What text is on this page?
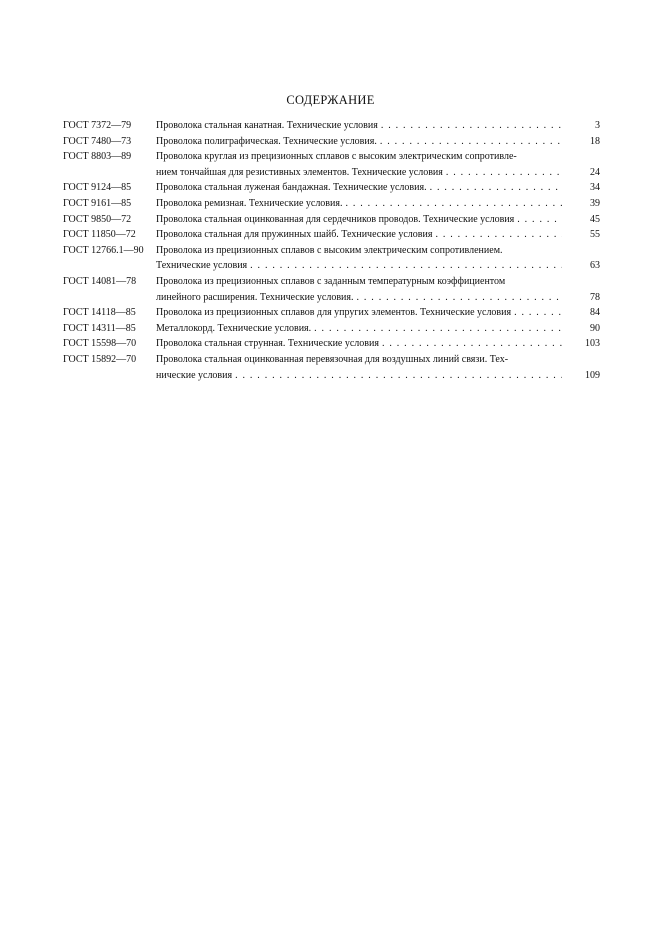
СОДЕРЖАНИЕ
ГОСТ 7372—79	Проволока стальная канатная. Технические условия . . .	3
ГОСТ 7480—73	Проволока полиграфическая. Технические условия. . . .	18
ГОСТ 8803—89	Проволока круглая из прецизионных сплавов с высоким электрическим сопротивле-
нием тончайшая для резистивных элементов. Технические условия . . .	24
ГОСТ 9124—85	Проволока стальная луженая бандажная. Технические условия. . . .	34
ГОСТ 9161—85	Проволока ремизная. Технические условия. . . .	39
ГОСТ 9850—72	Проволока стальная оцинкованная для сердечников проводов. Технические условия . . .	45
ГОСТ 11850—72	Проволока стальная для пружинных шайб. Технические условия . . .	55
ГОСТ 12766.1—90	Проволока из прецизионных сплавов с высоким электрическим сопротивлением.
Технические условия . . .	63
ГОСТ 14081—78	Проволока из прецизионных сплавов с заданным температурным коэффициентом
линейного расширения. Технические условия. . . .	78
ГОСТ 14118—85	Проволока из прецизионных сплавов для упругих элементов. Технические условия . . .	84
ГОСТ 14311—85	Металлокорд. Технические условия. . . .	90
ГОСТ 15598—70	Проволока стальная струнная. Технические условия . . .	103
ГОСТ 15892—70	Проволока стальная оцинкованная перевязочная для воздушных линий связи. Тех-
нические условия . . .	109
